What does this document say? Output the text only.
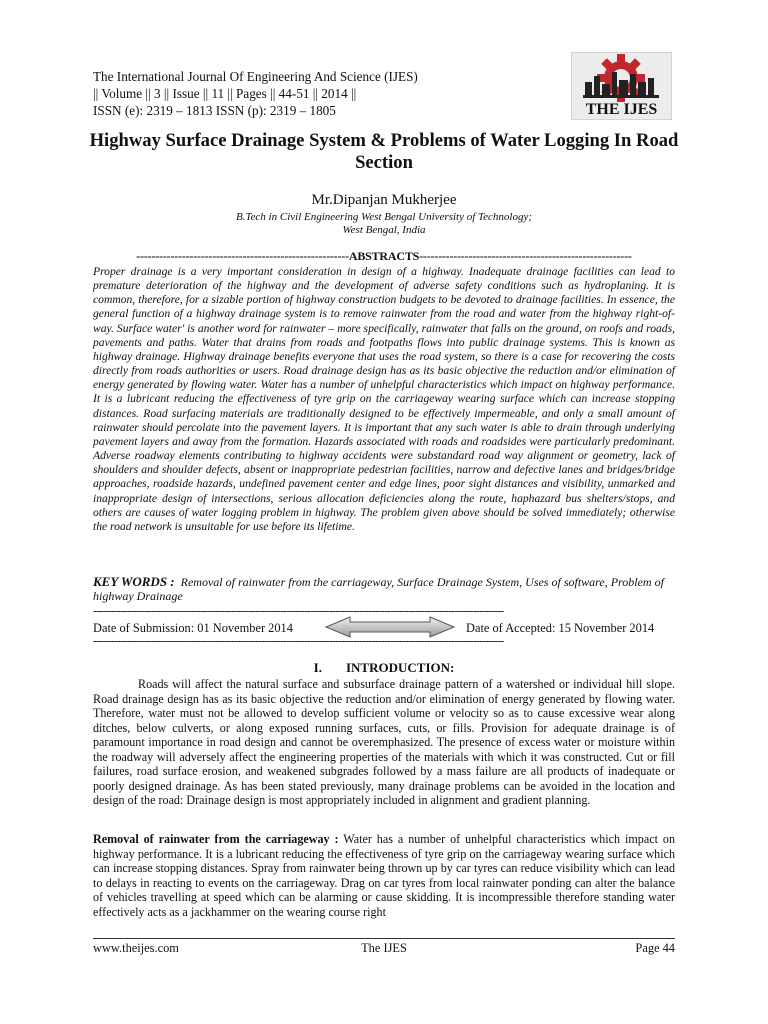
The International Journal Of Engineering And Science (IJES)
|| Volume || 3 || Issue || 11 || Pages || 44-51 || 2014 ||
ISSN (e): 2319 – 1813 ISSN (p): 2319 – 1805	THE IJES
Highway Surface Drainage System & Problems of Water Logging In Road Section
Mr.Dipanjan Mukherjee
B.Tech in Civil Engineering West Bengal University of Technology;
West Bengal, India
--------------------------------------------------------ABSTRACTS--------------------------------------------------------
Proper drainage is a very important consideration in design of a highway. Inadequate drainage facilities can lead to premature deterioration of the highway and the development of adverse safety conditions such as hydroplaning. It is common, therefore, for a sizable portion of highway construction budgets to be devoted to drainage facilities. In essence, the general function of a highway drainage system is to remove rainwater from the road and water from the highway right-of-way. Surface water' is another word for rainwater – more specifically, rainwater that falls on the ground, on roofs and roads, pavements and paths. Water that drains from roads and footpaths flows into public drainage systems. This is known as highway drainage. Highway drainage benefits everyone that uses the road system, so there is a case for recovering the costs directly from roads authorities or users. Road drainage design has as its basic objective the reduction and/or elimination of energy generated by flowing water. Water has a number of unhelpful characteristics which impact on highway performance. It is a lubricant reducing the effectiveness of tyre grip on the carriageway wearing surface which can increase stopping distances. Road surfacing materials are traditionally designed to be effectively impermeable, and only a small amount of rainwater should percolate into the pavement layers. It is important that any such water is able to drain through underlying pavement layers and away from the formation. Hazards associated with roads and roadsides were particularly predominant. Adverse roadway elements contributing to highway accidents were substandard road way alignment or geometry, lack of shoulders and shoulder defects, absent or inappropriate pedestrian facilities, narrow and defective lanes and bridges/bridge approaches, roadside hazards, undefined pavement center and edge lines, poor sight distances and visibility, unmarked and inappropriate design of intersections, serious allocation deficiencies along the route, haphazard bus shelters/stops, and others are causes of water logging problem in highway. The problem given above should be solved immediately; otherwise the road network is unsuitable for use before its lifetime.
KEY WORDS : Removal of rainwater from the carriageway, Surface Drainage System, Uses of software, Problem of highway Drainage
--------------------------------------------------------------------------------------------------------------------------------------
Date of Submission: 01 November 2014	Date of Accepted: 15 November 2014
--------------------------------------------------------------------------------------------------------------------------------------
I. INTRODUCTION:

Roads will affect the natural surface and subsurface drainage pattern of a watershed or individual hill slope. Road drainage design has as its basic objective the reduction and/or elimination of energy generated by flowing water. Therefore, water must not be allowed to develop sufficient volume or velocity so as to cause excessive wear along ditches, below culverts, or along exposed running surfaces, cuts, or fills. Provision for adequate drainage is of paramount importance in road design and cannot be overemphasized. The presence of excess water or moisture within the roadway will adversely affect the engineering properties of the materials with which it was constructed. Cut or fill failures, road surface erosion, and weakened subgrades followed by a mass failure are all products of inadequate or poorly designed drainage. As has been stated previously, many drainage problems can be avoided in the location and design of the road: Drainage design is most appropriately included in alignment and gradient planning.

Removal of rainwater from the carriageway : Water has a number of unhelpful characteristics which impact on highway performance. It is a lubricant reducing the effectiveness of tyre grip on the carriageway wearing surface which can increase stopping distances. Spray from rainwater being thrown up by car tyres can reduce visibility which can lead to delays in reacting to events on the carriageway. Drag on car tyres from local rainwater ponding can alter the balance of vehicles travelling at speed which can be alarming or cause skidding. It is incompressible therefore standing water effectively acts as a jackhammer on the wearing course right
www.theijes.com	The IJES	Page 44
